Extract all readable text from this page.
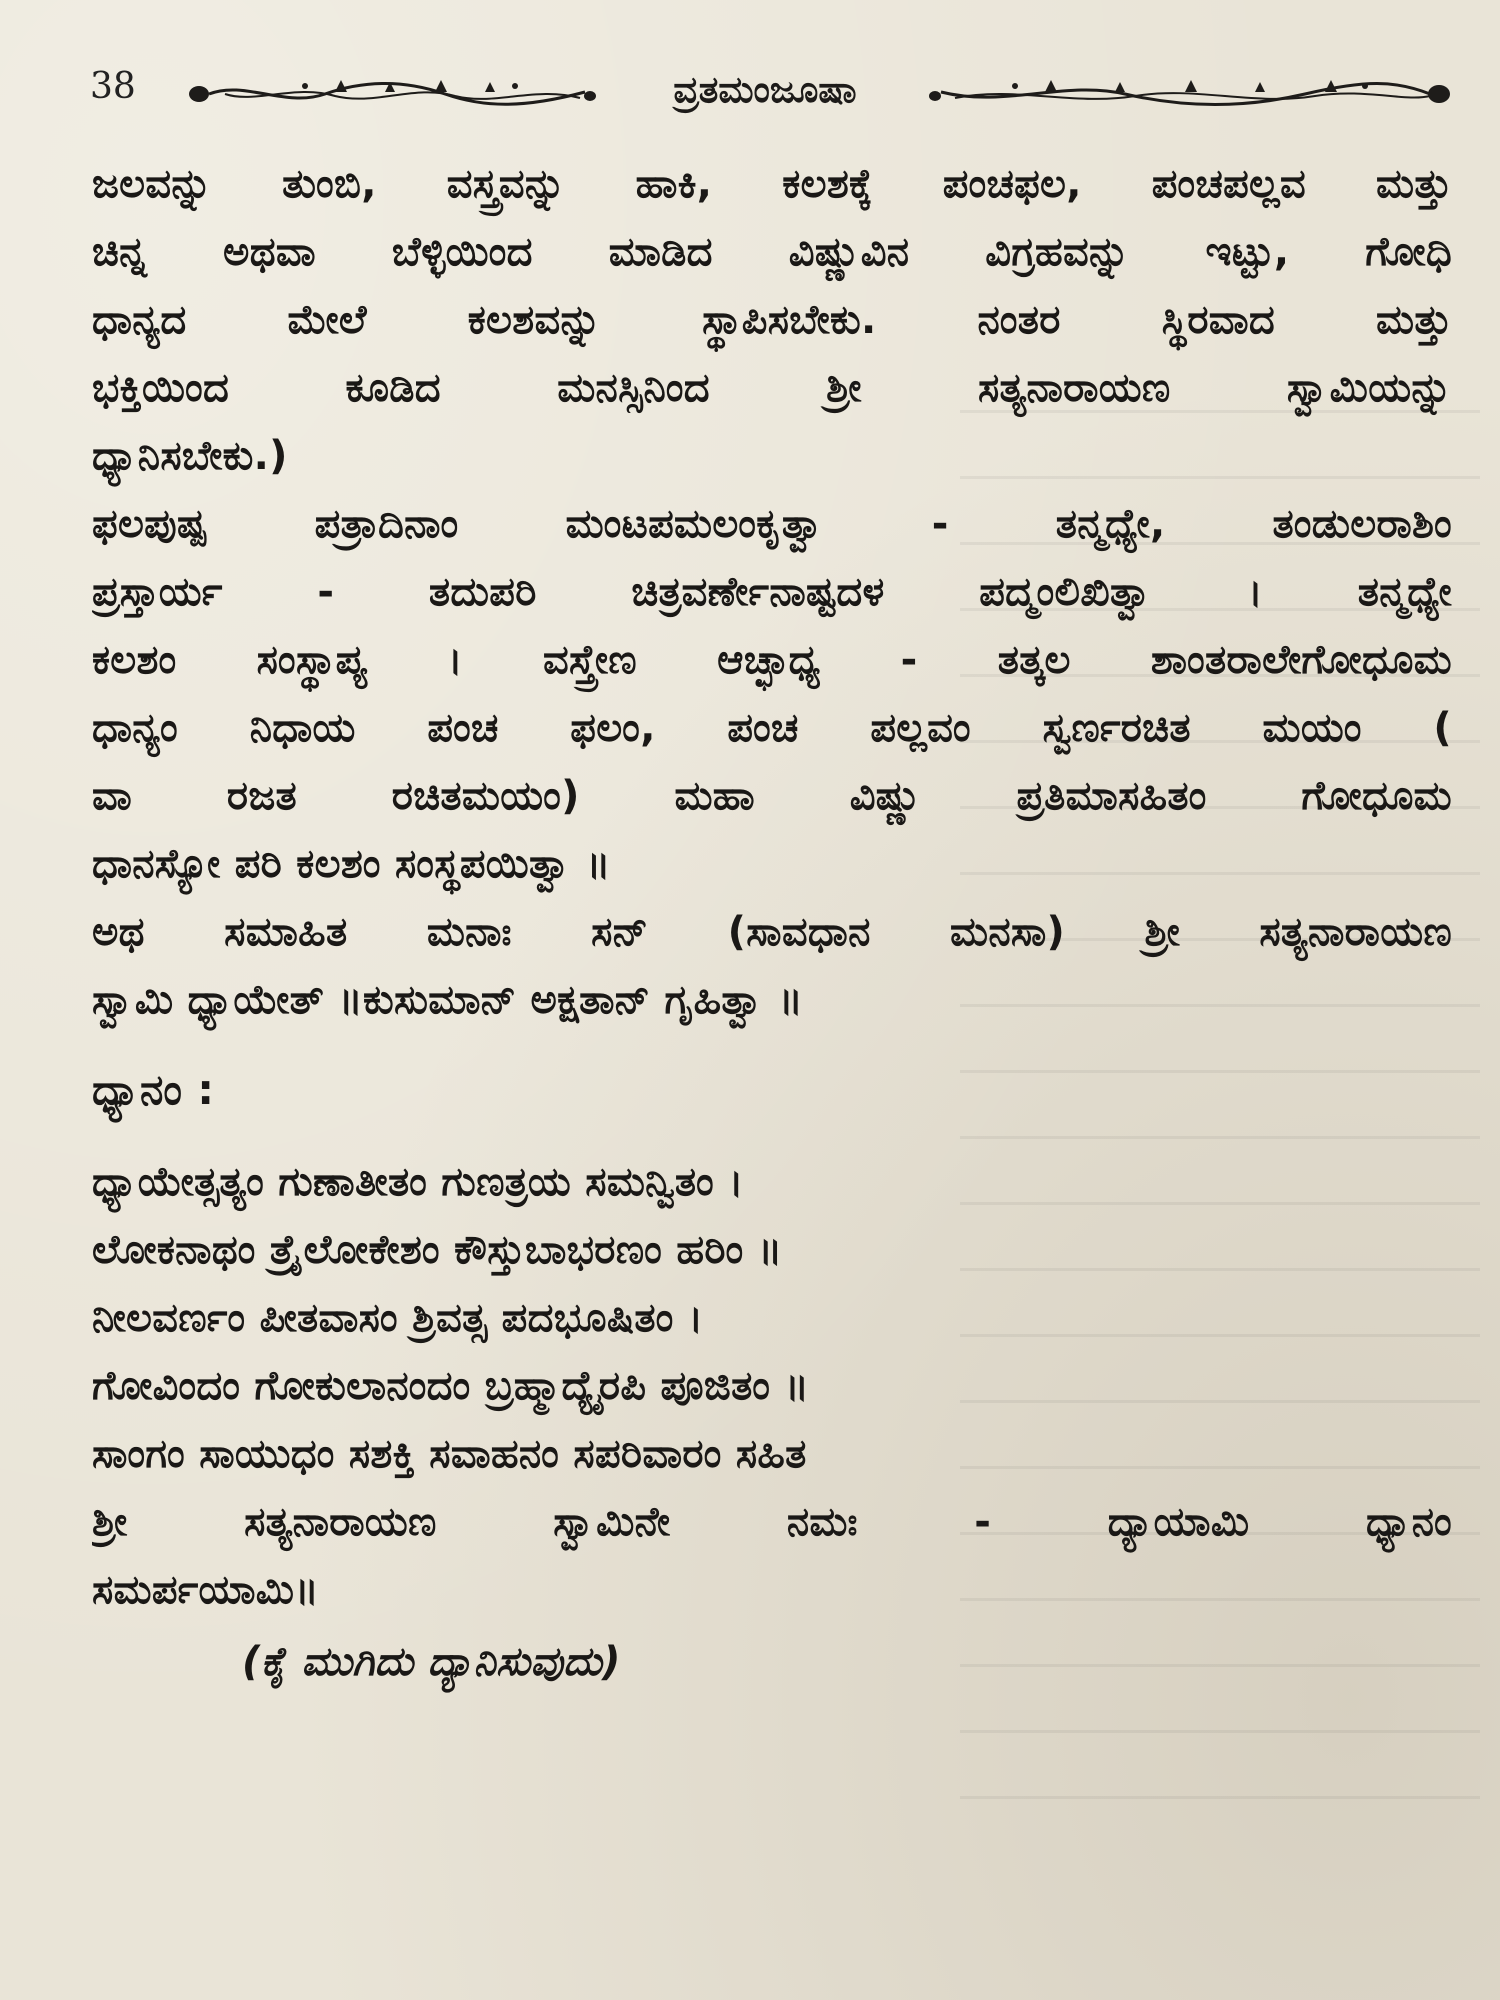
38	ವ್ರತಮಂಜೂಷಾ
ಜಲವನ್ನು ತುಂಬಿ, ವಸ್ತ್ರವನ್ನು ಹಾಕಿ, ಕಲಶಕ್ಕೆ ಪಂಚಫಲ, ಪಂಚಪಲ್ಲವ ಮತ್ತು
ಚಿನ್ನ ಅಥವಾ ಬೆಳ್ಳಿಯಿಂದ ಮಾಡಿದ ವಿಷ್ಣುವಿನ ವಿಗ್ರಹವನ್ನು ಇಟ್ಟು, ಗೋಧಿ
ಧಾನ್ಯದ ಮೇಲೆ ಕಲಶವನ್ನು ಸ್ಥಾಪಿಸಬೇಕು. ನಂತರ ಸ್ಥಿರವಾದ ಮತ್ತು
ಭಕ್ತಿಯಿಂದ ಕೂಡಿದ ಮನಸ್ಸಿನಿಂದ ಶ್ರೀ ಸತ್ಯನಾರಾಯಣ ಸ್ವಾಮಿಯನ್ನು
ಧ್ಯಾನಿಸಬೇಕು.)
ಫಲಪುಷ್ಪ ಪತ್ರಾದಿನಾಂ ಮಂಟಪಮಲಂಕೃತ್ವಾ - ತನ್ಮಧ್ಯೇ, ತಂಡುಲರಾಶಿಂ
ಪ್ರಸ್ತಾರ್ಯ - ತದುಪರಿ ಚಿತ್ರವರ್ಣೇನಾಷ್ಟದಳ ಪದ್ಮಂಲಿಖಿತ್ವಾ । ತನ್ಮಧ್ಯೇ
ಕಲಶಂ ಸಂಸ್ಥಾಪ್ಯ । ವಸ್ತ್ರೇಣ ಆಚ್ಛಾಧ್ಯ - ತತ್ಕಲ ಶಾಂತರಾಲೇಗೋಧೂಮ
ಧಾನ್ಯಂ ನಿಧಾಯ ಪಂಚ ಫಲಂ, ಪಂಚ ಪಲ್ಲವಂ ಸ್ವರ್ಣರಚಿತ ಮಯಂ (
ವಾ ರಜತ ರಚಿತಮಯಂ) ಮಹಾ ವಿಷ್ಣು ಪ್ರತಿಮಾಸಹಿತಂ ಗೋಧೂಮ
ಧಾನಸ್ಯೋ ಪರಿ ಕಲಶಂ ಸಂಸ್ಥಪಯಿತ್ವಾ ॥
ಅಥ ಸಮಾಹಿತ ಮನಾಃ ಸನ್ (ಸಾವಧಾನ ಮನಸಾ) ಶ್ರೀ ಸತ್ಯನಾರಾಯಣ
ಸ್ವಾಮಿ ಧ್ಯಾಯೇತ್ ॥ಕುಸುಮಾನ್ ಅಕ್ಷತಾನ್ ಗೃಹಿತ್ವಾ ॥
ಧ್ಯಾನಂ :
ಧ್ಯಾಯೇತ್ಸತ್ಯಂ ಗುಣಾತೀತಂ ಗುಣತ್ರಯ ಸಮನ್ವಿತಂ ।
ಲೋಕನಾಥಂ ತ್ರೈಲೋಕೇಶಂ ಕೌಸ್ತುಬಾಭರಣಂ ಹರಿಂ ॥
ನೀಲವರ್ಣಂ ಪೀತವಾಸಂ ಶ್ರಿವತ್ಸ ಪದಭೂಷಿತಂ ।
ಗೋವಿಂದಂ ಗೋಕುಲಾನಂದಂ ಬ್ರಹ್ಮಾದ್ಯೈರಪಿ ಪೂಜಿತಂ ॥
ಸಾಂಗಂ ಸಾಯುಧಂ ಸಶಕ್ತಿ ಸವಾಹನಂ ಸಪರಿವಾರಂ ಸಹಿತ
ಶ್ರೀ ಸತ್ಯನಾರಾಯಣ ಸ್ವಾಮಿನೇ ನಮಃ - ದ್ಯಾಯಾಮಿ ಧ್ಯಾನಂ
ಸಮರ್ಪಯಾಮಿ॥
(ಕೈ ಮುಗಿದು ದ್ಯಾನಿಸುವುದು)
